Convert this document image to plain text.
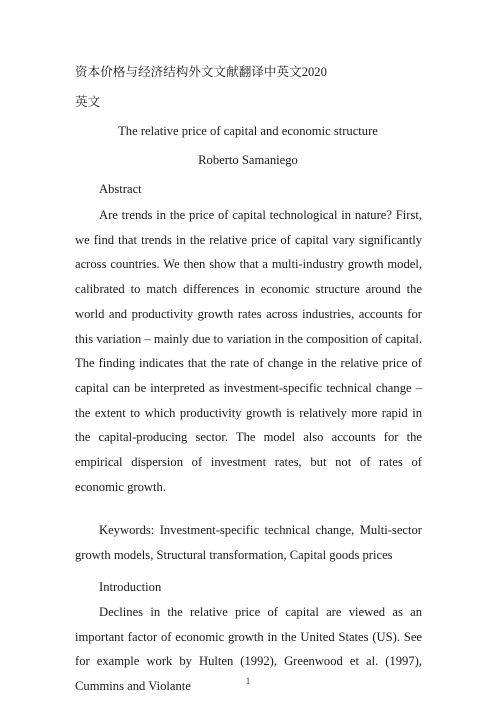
资本价格与经济结构外文文献翻译中英文2020
英文
The relative price of capital and economic structure
Roberto Samaniego
Abstract

Are trends in the price of capital technological in nature? First, we find that trends in the relative price of capital vary significantly across countries. We then show that a multi-industry growth model, calibrated to match differences in economic structure around the world and productivity growth rates across industries, accounts for this variation – mainly due to variation in the composition of capital. The finding indicates that the rate of change in the relative price of capital can be interpreted as investment-specific technical change – the extent to which productivity growth is relatively more rapid in the capital-producing sector. The model also accounts for the empirical dispersion of investment rates, but not of rates of economic growth.

Keywords: Investment-specific technical change, Multi-sector growth models, Structural transformation, Capital goods prices

Introduction

Declines in the relative price of capital are viewed as an important factor of economic growth in the United States (US). See for example work by Hulten (1992), Greenwood et al. (1997), Cummins and Violante	1
